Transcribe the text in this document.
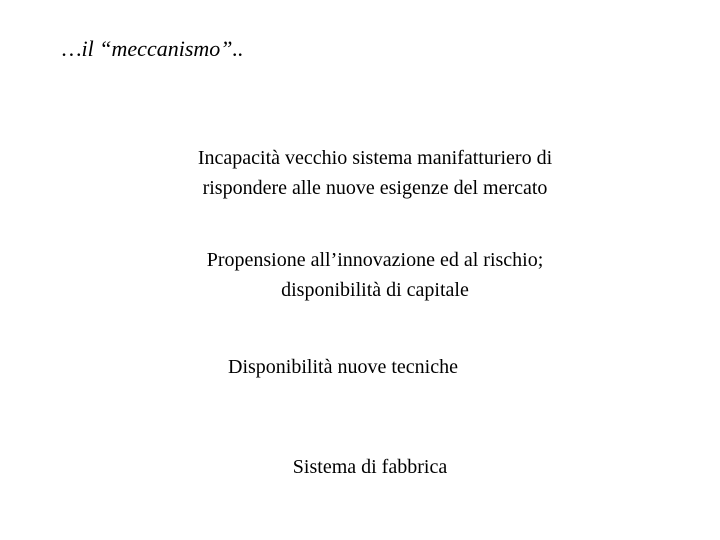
…il “meccanismo”..
Incapacità vecchio sistema manifatturiero di
rispondere alle nuove esigenze del mercato
Propensione all’innovazione ed al rischio;
disponibilità di capitale
Disponibilità nuove tecniche
Sistema di fabbrica
